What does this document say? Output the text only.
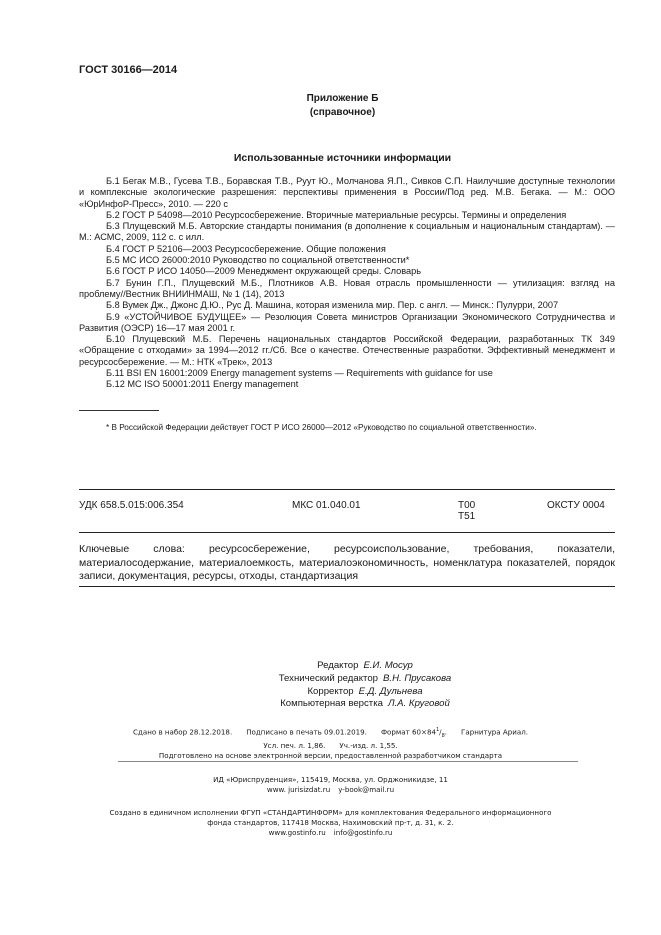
ГОСТ 30166—2014
Приложение Б
(справочное)
Использованные источники информации

Б.1 Бегак М.В., Гусева Т.В., Боравская Т.В., Руут Ю., Молчанова Я.П., Сивков С.П. Наилучшие доступные технологии и комплексные экологические разрешения: перспективы применения в России/Под ред. М.В. Бегака. — М.: ООО «ЮрИнфоР-Пресс», 2010. — 220 с

Б.2 ГОСТ Р 54098—2010 Ресурсосбережение. Вторичные материальные ресурсы. Термины и определения

Б.3 Плущевский М.Б. Авторские стандарты понимания (в дополнение к социальным и национальным стандартам). — М.: АСМС, 2009, 112 с. с илл.

Б.4 ГОСТ Р 52106—2003 Ресурсосбережение. Общие положения

Б.5 МС ИСО 26000:2010 Руководство по социальной ответственности*

Б.6 ГОСТ Р ИСО 14050—2009 Менеджмент окружающей среды. Словарь

Б.7 Бунин Г.П., Плущевский М.Б., Плотников А.В. Новая отрасль промышленности — утилизация: взгляд на проблему//Вестник ВНИИНМАШ, № 1 (14), 2013

Б.8 Вумек Дж., Джонс Д.Ю., Рус Д. Машина, которая изменила мир. Пер. с англ. — Минск.: Пулурри, 2007

Б.9 «УСТОЙЧИВОЕ БУДУЩЕЕ» — Резолюция Совета министров Организации Экономического Сотрудничества и Развития (ОЭСР) 16—17 мая 2001 г.

Б.10 Плущевский М.Б. Перечень национальных стандартов Российской Федерации, разработанных ТК 349 «Обращение с отходами» за 1994—2012 гг./Сб. Все о качестве. Отечественные разработки. Эффективный менеджмент и ресурсосбережение. — М.: НТК «Трек», 2013

Б.11 BSI EN 16001:2009 Energy management systems — Requirements with guidance for use

Б.12 MC ISO 50001:2011 Energy management

* В Российской Федерации действует ГОСТ Р ИСО 26000—2012 «Руководство по социальной ответственности».
УДК 658.5.015:006.354	МКС 01.040.01	Т00
Т51
ОКСТУ 0004
Ключевые слова: ресурсосбережение, ресурсоиспользование, требования, показатели, материалосодержание, материалоемкость, материалоэкономичность, номенклатура показателей, порядок записи, документация, ресурсы, отходы, стандартизация
Редактор Е.И. Мосур
Технический редактор В.Н. Прусакова
Корректор Е.Д. Дульнева
Компьютерная верстка Л.А. Круговой
Сдано в набор 28.12.2018. Подписано в печать 09.01.2019. Формат $60\times 84^1/_8$. Гарнитура Ариал.
Усл. печ. л. 1,86. Уч.-изд. л. 1,55.
Подготовлено на основе электронной версии, предоставленной разработчиком стандарта
ИД «Юриспруденция», 115419, Москва, ул. Орджоникидзе, 11
www. jurisizdat.ru y-book@mail.ru
Создано в единичном исполнении ФГУП «СТАНДАРТИНФОРМ» для комплектования Федерального информационного
фонда стандартов, 117418 Москва, Нахимовский пр-т, д. 31, к. 2.
www.gostinfo.ru info@gostinfo.ru
